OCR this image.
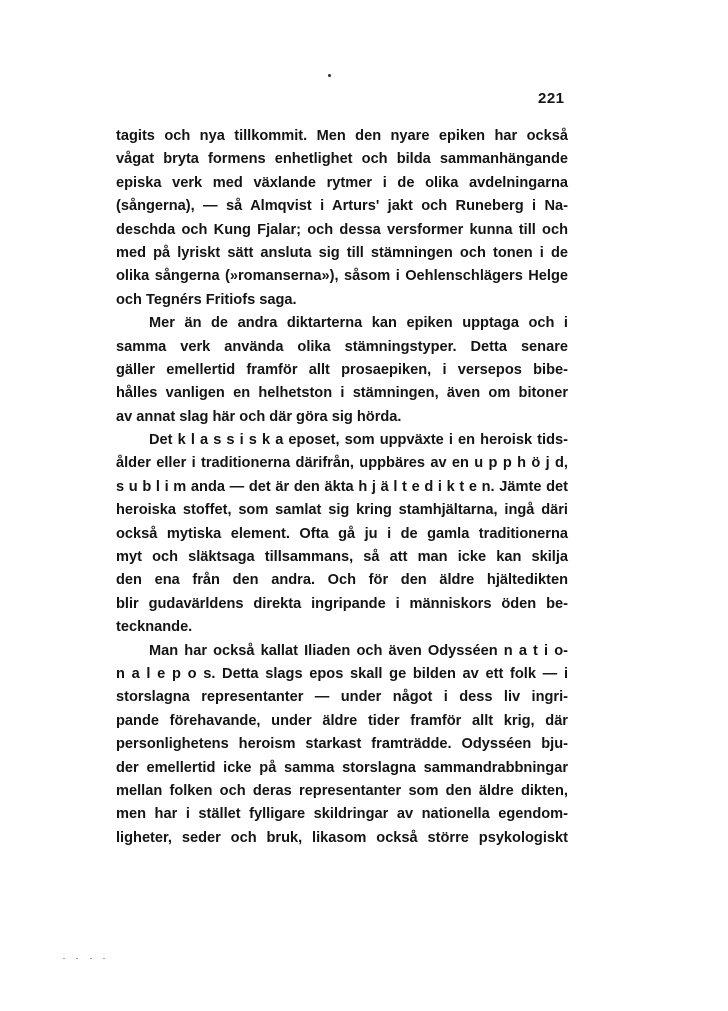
221
tagits och nya tillkommit. Men den nyare epiken har också
vågat bryta formens enhetlighet och bilda sammanhängande
episka verk med växlande rytmer i de olika avdelningarna
(sångerna), — så Almqvist i Arturs' jakt och Runeberg i Na-
deschda och Kung Fjalar; och dessa versformer kunna till och
med på lyriskt sätt ansluta sig till stämningen och tonen i de
olika sångerna (»romanserna»), såsom i Oehlenschlägers Helge
och Tegnérs Fritiofs saga.
Mer än de andra diktarterna kan epiken upptaga och i
samma verk använda olika stämningstyper. Detta senare
gäller emellertid framför allt prosaepiken, i versepos bibe-
hålles vanligen en helhetston i stämningen, även om bitoner
av annat slag här och där göra sig hörda.
Det k l a s s i s k a eposet, som uppväxte i en heroisk tids-
ålder eller i traditionerna därifrån, uppbäres av en u p p h ö j d,
s u b l i m anda — det är den äkta h j ä l t e d i k t e n. Jämte det
heroiska stoffet, som samlat sig kring stamhjältarna, ingå däri
också mytiska element. Ofta gå ju i de gamla traditionerna
myt och släktsaga tillsammans, så att man icke kan skilja
den ena från den andra. Och för den äldre hjältedikten
blir gudavärldens direkta ingripande i människors öden be-
tecknande.
Man har också kallat Iliaden och även Odysséen n a t i o-
n a l e p o s. Detta slags epos skall ge bilden av ett folk — i
storslagna representanter — under något i dess liv ingri-
pande förehavande, under äldre tider framför allt krig, där
personlighetens heroism starkast framträdde. Odysséen bju-
der emellertid icke på samma storslagna sammandrabbningar
mellan folken och deras representanter som den äldre dikten,
men har i stället fylligare skildringar av nationella egendom-
ligheter, seder och bruk, likasom också större psykologiskt
